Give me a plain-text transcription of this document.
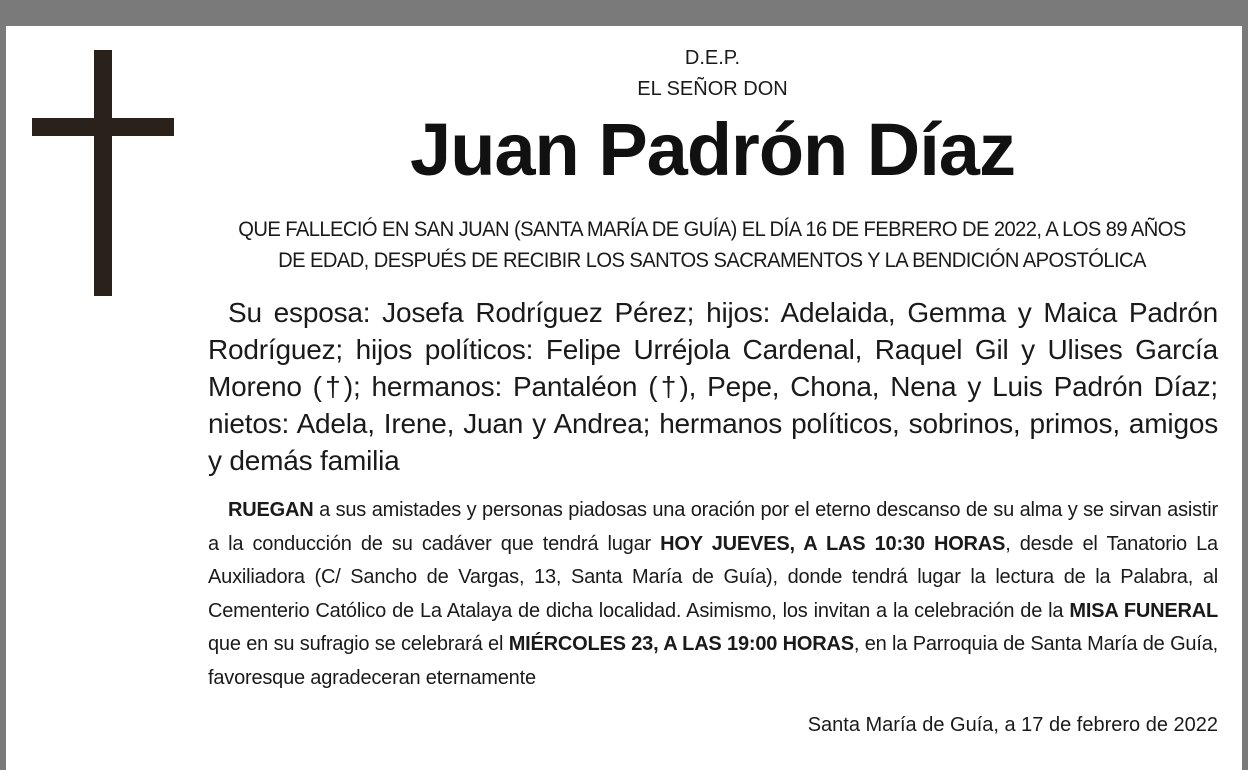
D.E.P.
EL SEÑOR DON
Juan Padrón Díaz
QUE FALLECIÓ EN SAN JUAN (SANTA MARÍA DE GUÍA) EL DÍA 16 DE FEBRERO DE 2022, A LOS 89 AÑOS DE EDAD, DESPUÉS DE RECIBIR LOS SANTOS SACRAMENTOS Y LA BENDICIÓN APOSTÓLICA
Su esposa: Josefa Rodríguez Pérez; hijos: Adelaida, Gemma y Maica Padrón Rodríguez; hijos políticos: Felipe Urréjola Cardenal, Raquel Gil y Ulises García Moreno (†); hermanos: Pantaléon (†), Pepe, Chona, Nena y Luis Padrón Díaz; nietos: Adela, Irene, Juan y Andrea; hermanos políticos, sobrinos, primos, amigos y demás familia
RUEGAN a sus amistades y personas piadosas una oración por el eterno descanso de su alma y se sirvan asistir a la conducción de su cadáver que tendrá lugar HOY JUEVES, A LAS 10:30 HORAS, desde el Tanatorio La Auxiliadora (C/ Sancho de Vargas, 13, Santa María de Guía), donde tendrá lugar la lectura de la Palabra, al Cementerio Católico de La Atalaya de dicha localidad. Asimismo, los invitan a la celebración de la MISA FUNERAL que en su sufragio se celebrará el MIÉRCOLES 23, A LAS 19:00 HORAS, en la Parroquia de Santa María de Guía, favoresque agradeceran eternamente
Santa María de Guía, a 17 de febrero de 2022
